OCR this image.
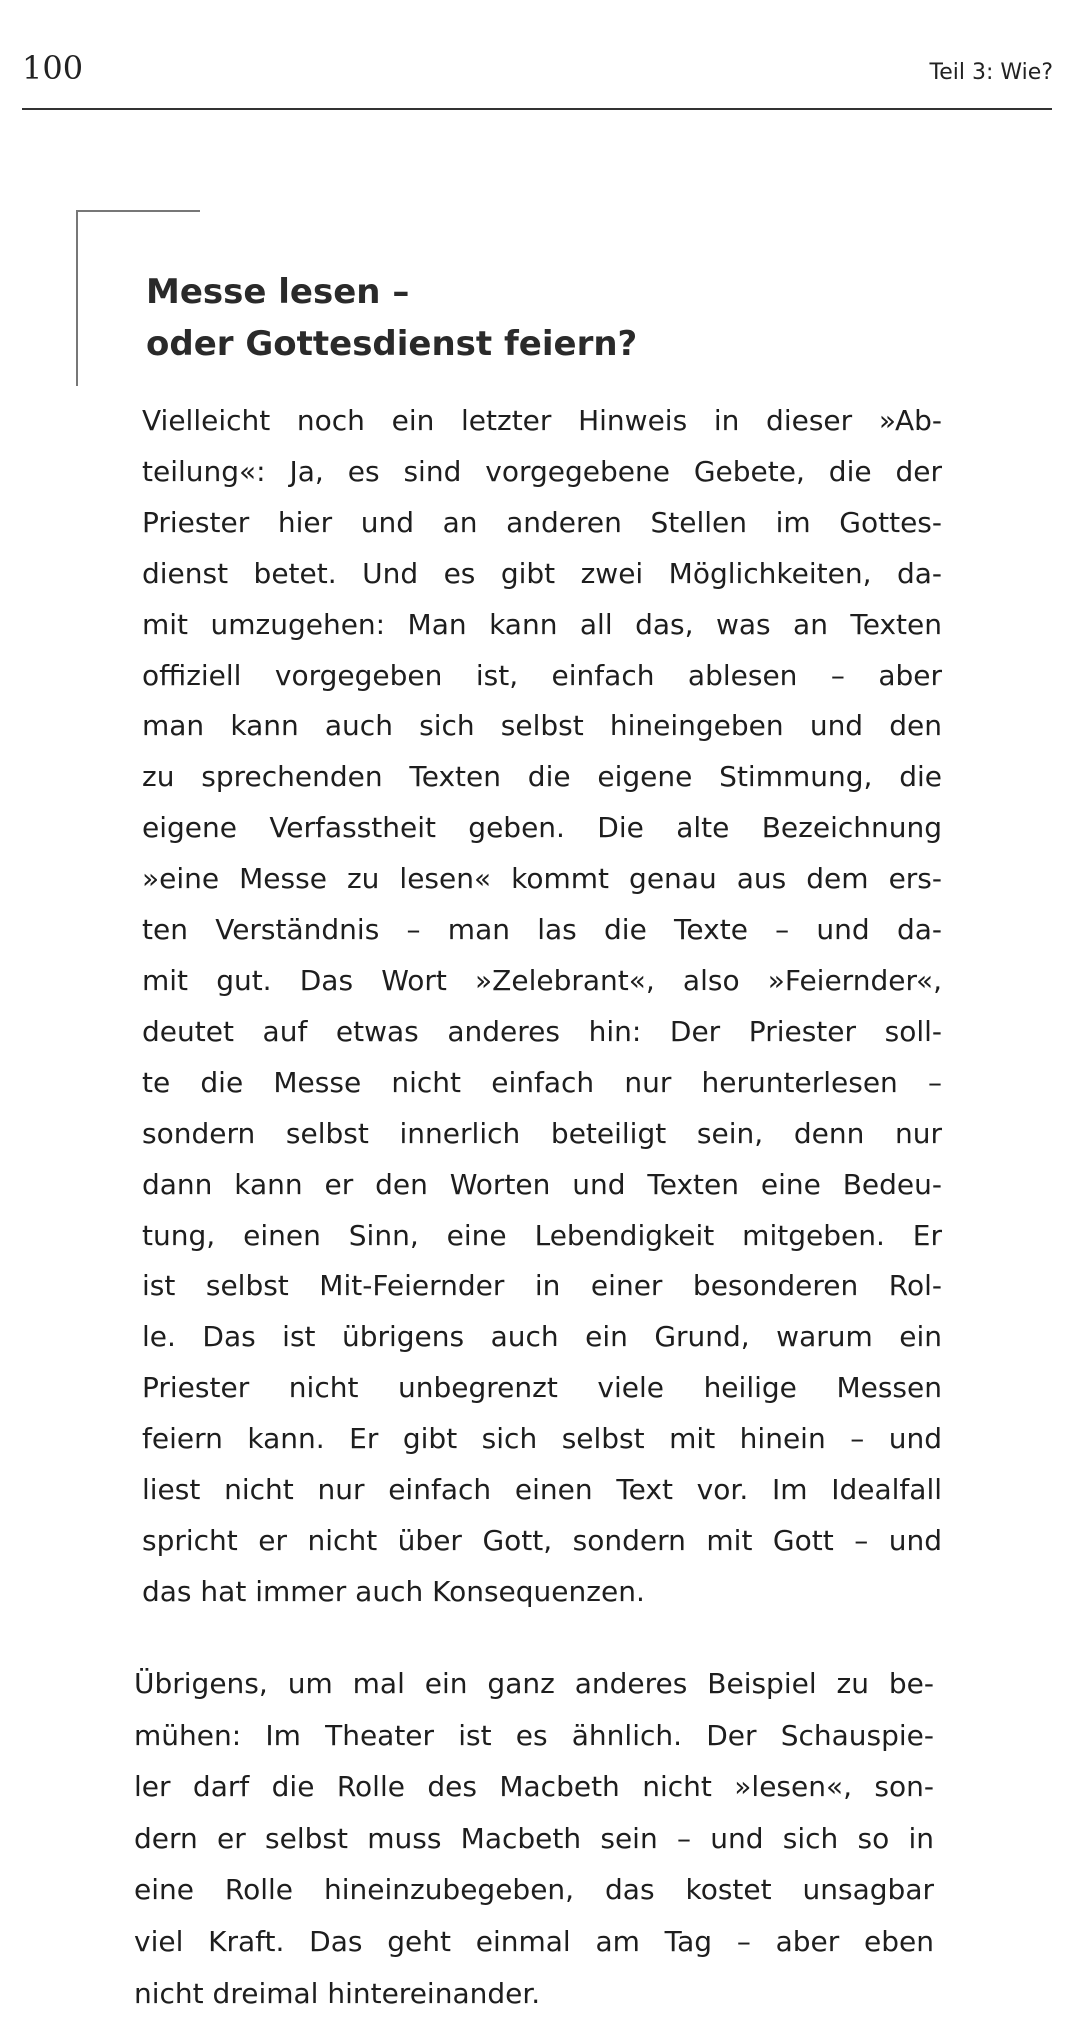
100	Teil 3: Wie?
Messe lesen –
oder Gottesdienst feiern?
Vielleicht noch ein letzter Hinweis in dieser »Ab-
teilung«: Ja, es sind vorgegebene Gebete, die der
Priester hier und an anderen Stellen im Gottes-
dienst betet. Und es gibt zwei Möglichkeiten, da-
mit umzugehen: Man kann all das, was an Texten
offiziell vorgegeben ist, einfach ablesen – aber
man kann auch sich selbst hineingeben und den
zu sprechenden Texten die eigene Stimmung, die
eigene Verfasstheit geben. Die alte Bezeichnung
»eine Messe zu lesen« kommt genau aus dem ers-
ten Verständnis – man las die Texte – und da-
mit gut. Das Wort »Zelebrant«, also »Feiernder«,
deutet auf etwas anderes hin: Der Priester soll-
te die Messe nicht einfach nur herunterlesen –
sondern selbst innerlich beteiligt sein, denn nur
dann kann er den Worten und Texten eine Bedeu-
tung, einen Sinn, eine Lebendigkeit mitgeben. Er
ist selbst Mit-Feiernder in einer besonderen Rol-
le. Das ist übrigens auch ein Grund, warum ein
Priester nicht unbegrenzt viele heilige Messen
feiern kann. Er gibt sich selbst mit hinein – und
liest nicht nur einfach einen Text vor. Im Idealfall
spricht er nicht über Gott, sondern mit Gott – und
das hat immer auch Konsequenzen.
Übrigens, um mal ein ganz anderes Beispiel zu be-
mühen: Im Theater ist es ähnlich. Der Schauspie-
ler darf die Rolle des Macbeth nicht »lesen«, son-
dern er selbst muss Macbeth sein – und sich so in
eine Rolle hineinzubegeben, das kostet unsagbar
viel Kraft. Das geht einmal am Tag – aber eben
nicht dreimal hintereinander.
